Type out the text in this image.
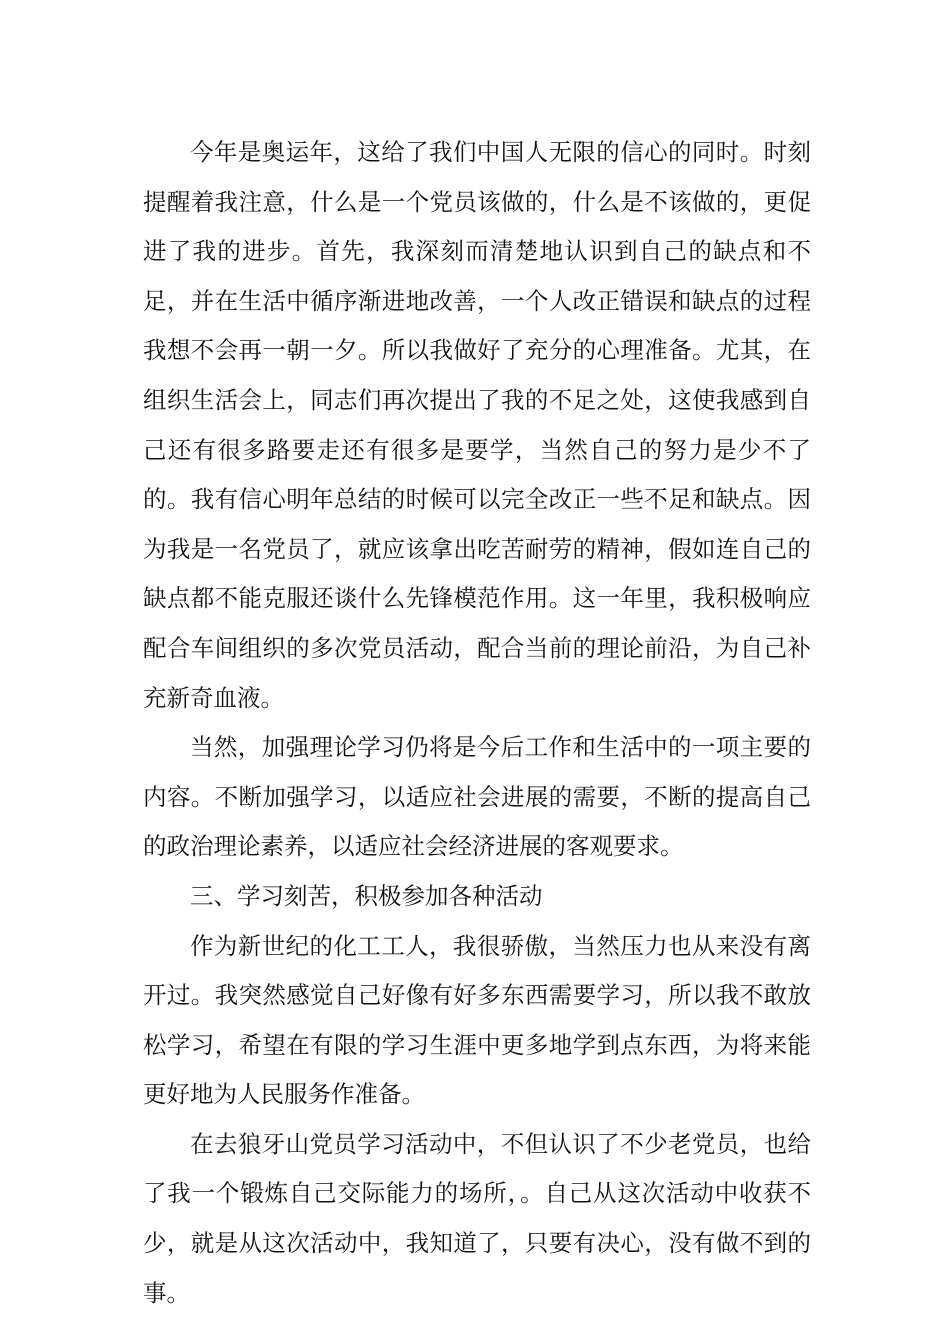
今年是奥运年，这给了我们中国人无限的信心的同时。时刻提醒着我注意，什么是一个党员该做的，什么是不该做的，更促进了我的进步。首先，我深刻而清楚地认识到自己的缺点和不足，并在生活中循序渐进地改善，一个人改正错误和缺点的过程我想不会再一朝一夕。所以我做好了充分的心理准备。尤其，在组织生活会上，同志们再次提出了我的不足之处，这使我感到自己还有很多路要走还有很多是要学，当然自己的努力是少不了的。我有信心明年总结的时候可以完全改正一些不足和缺点。因为我是一名党员了，就应该拿出吃苦耐劳的精神，假如连自己的缺点都不能克服还谈什么先锋模范作用。这一年里，我积极响应配合车间组织的多次党员活动，配合当前的理论前沿，为自己补充新奇血液。

当然，加强理论学习仍将是今后工作和生活中的一项主要的内容。不断加强学习，以适应社会进展的需要，不断的提高自己的政治理论素养，以适应社会经济进展的客观要求。

三、学习刻苦，积极参加各种活动

作为新世纪的化工工人，我很骄傲，当然压力也从来没有离开过。我突然感觉自己好像有好多东西需要学习，所以我不敢放松学习，希望在有限的学习生涯中更多地学到点东西，为将来能更好地为人民服务作准备。

在去狼牙山党员学习活动中，不但认识了不少老党员，也给了我一个锻炼自己交际能力的场所，。自己从这次活动中收获不少，就是从这次活动中，我知道了，只要有决心，没有做不到的事。
